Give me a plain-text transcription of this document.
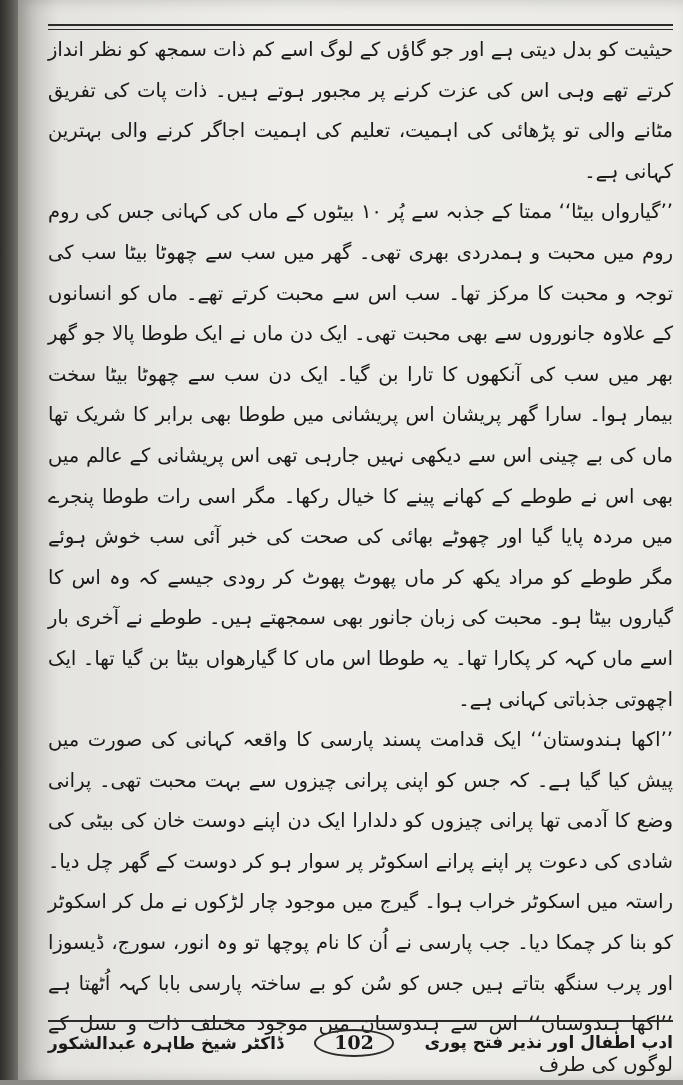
حیثیت کو بدل دیتی ہے اور جو گاؤں کے لوگ اسے کم ذات سمجھ کو نظر انداز کرتے تھے وہی اس کی عزت کرنے پر مجبور ہوتے ہیں۔ ذات پات کی تفریق مٹانے والی تو پڑھائی کی اہمیت، تعلیم کی اہمیت اجاگر کرنے والی بہترین کہانی ہے۔

’’گیارواں بیٹا‘‘ ممتا کے جذبہ سے پُر ۱۰ بیٹوں کے ماں کی کہانی جس کی روم روم میں محبت و ہمدردی بھری تھی۔ گھر میں سب سے چھوٹا بیٹا سب کی توجہ و محبت کا مرکز تھا۔ سب اس سے محبت کرتے تھے۔ ماں کو انسانوں کے علاوہ جانوروں سے بھی محبت تھی۔ ایک دن ماں نے ایک طوطا پالا جو گھر بھر میں سب کی آنکھوں کا تارا بن گیا۔ ایک دن سب سے چھوٹا بیٹا سخت بیمار ہوا۔ سارا گھر پریشان اس پریشانی میں طوطا بھی برابر کا شریک تھا ماں کی بے چینی اس سے دیکھی نہیں جارہی تھی اس پریشانی کے عالم میں بھی اس نے طوطے کے کھانے پینے کا خیال رکھا۔ مگر اسی رات طوطا پنجرے میں مردہ پایا گیا اور چھوٹے بھائی کی صحت کی خبر آئی سب خوش ہوئے مگر طوطے کو مراد یکھ کر ماں پھوٹ پھوٹ کر رودی جیسے کہ وہ اس کا گیاروں بیٹا ہو۔ محبت کی زبان جانور بھی سمجھتے ہیں۔ طوطے نے آخری بار اسے ماں کہہ کر پکارا تھا۔ یہ طوطا اس ماں کا گیارھواں بیٹا بن گیا تھا۔ ایک اچھوتی جذباتی کہانی ہے۔

’’اکھا ہندوستان‘‘ ایک قدامت پسند پارسی کا واقعہ کہانی کی صورت میں پیش کیا گیا ہے۔ کہ جس کو اپنی پرانی چیزوں سے بہت محبت تھی۔ پرانی وضع کا آدمی تھا پرانی چیزوں کو دلدارا ایک دن اپنے دوست خان کی بیٹی کی شادی کی دعوت پر اپنے پرانے اسکوٹر پر سوار ہو کر دوست کے گھر چل دیا۔ راستہ میں اسکوٹر خراب ہوا۔ گیرج میں موجود چار لڑکوں نے مل کر اسکوٹر کو بنا کر چمکا دیا۔ جب پارسی نے اُن کا نام پوچھا تو وہ انور، سورج، ڈیسوزا اور پرب سنگھ بتاتے ہیں جس کو سُن کو بے ساختہ پارسی بابا کہہ اُٹھتا ہے ’’اکھا ہندوستان‘‘ اس سے ہندوستان میں موجود مختلف ذات و نسل کے لوگوں کی طرف

ڈاکٹر شیخ طاہرہ عبدالشکور	102	ادب اطفال اور نذیر فتح پوری
